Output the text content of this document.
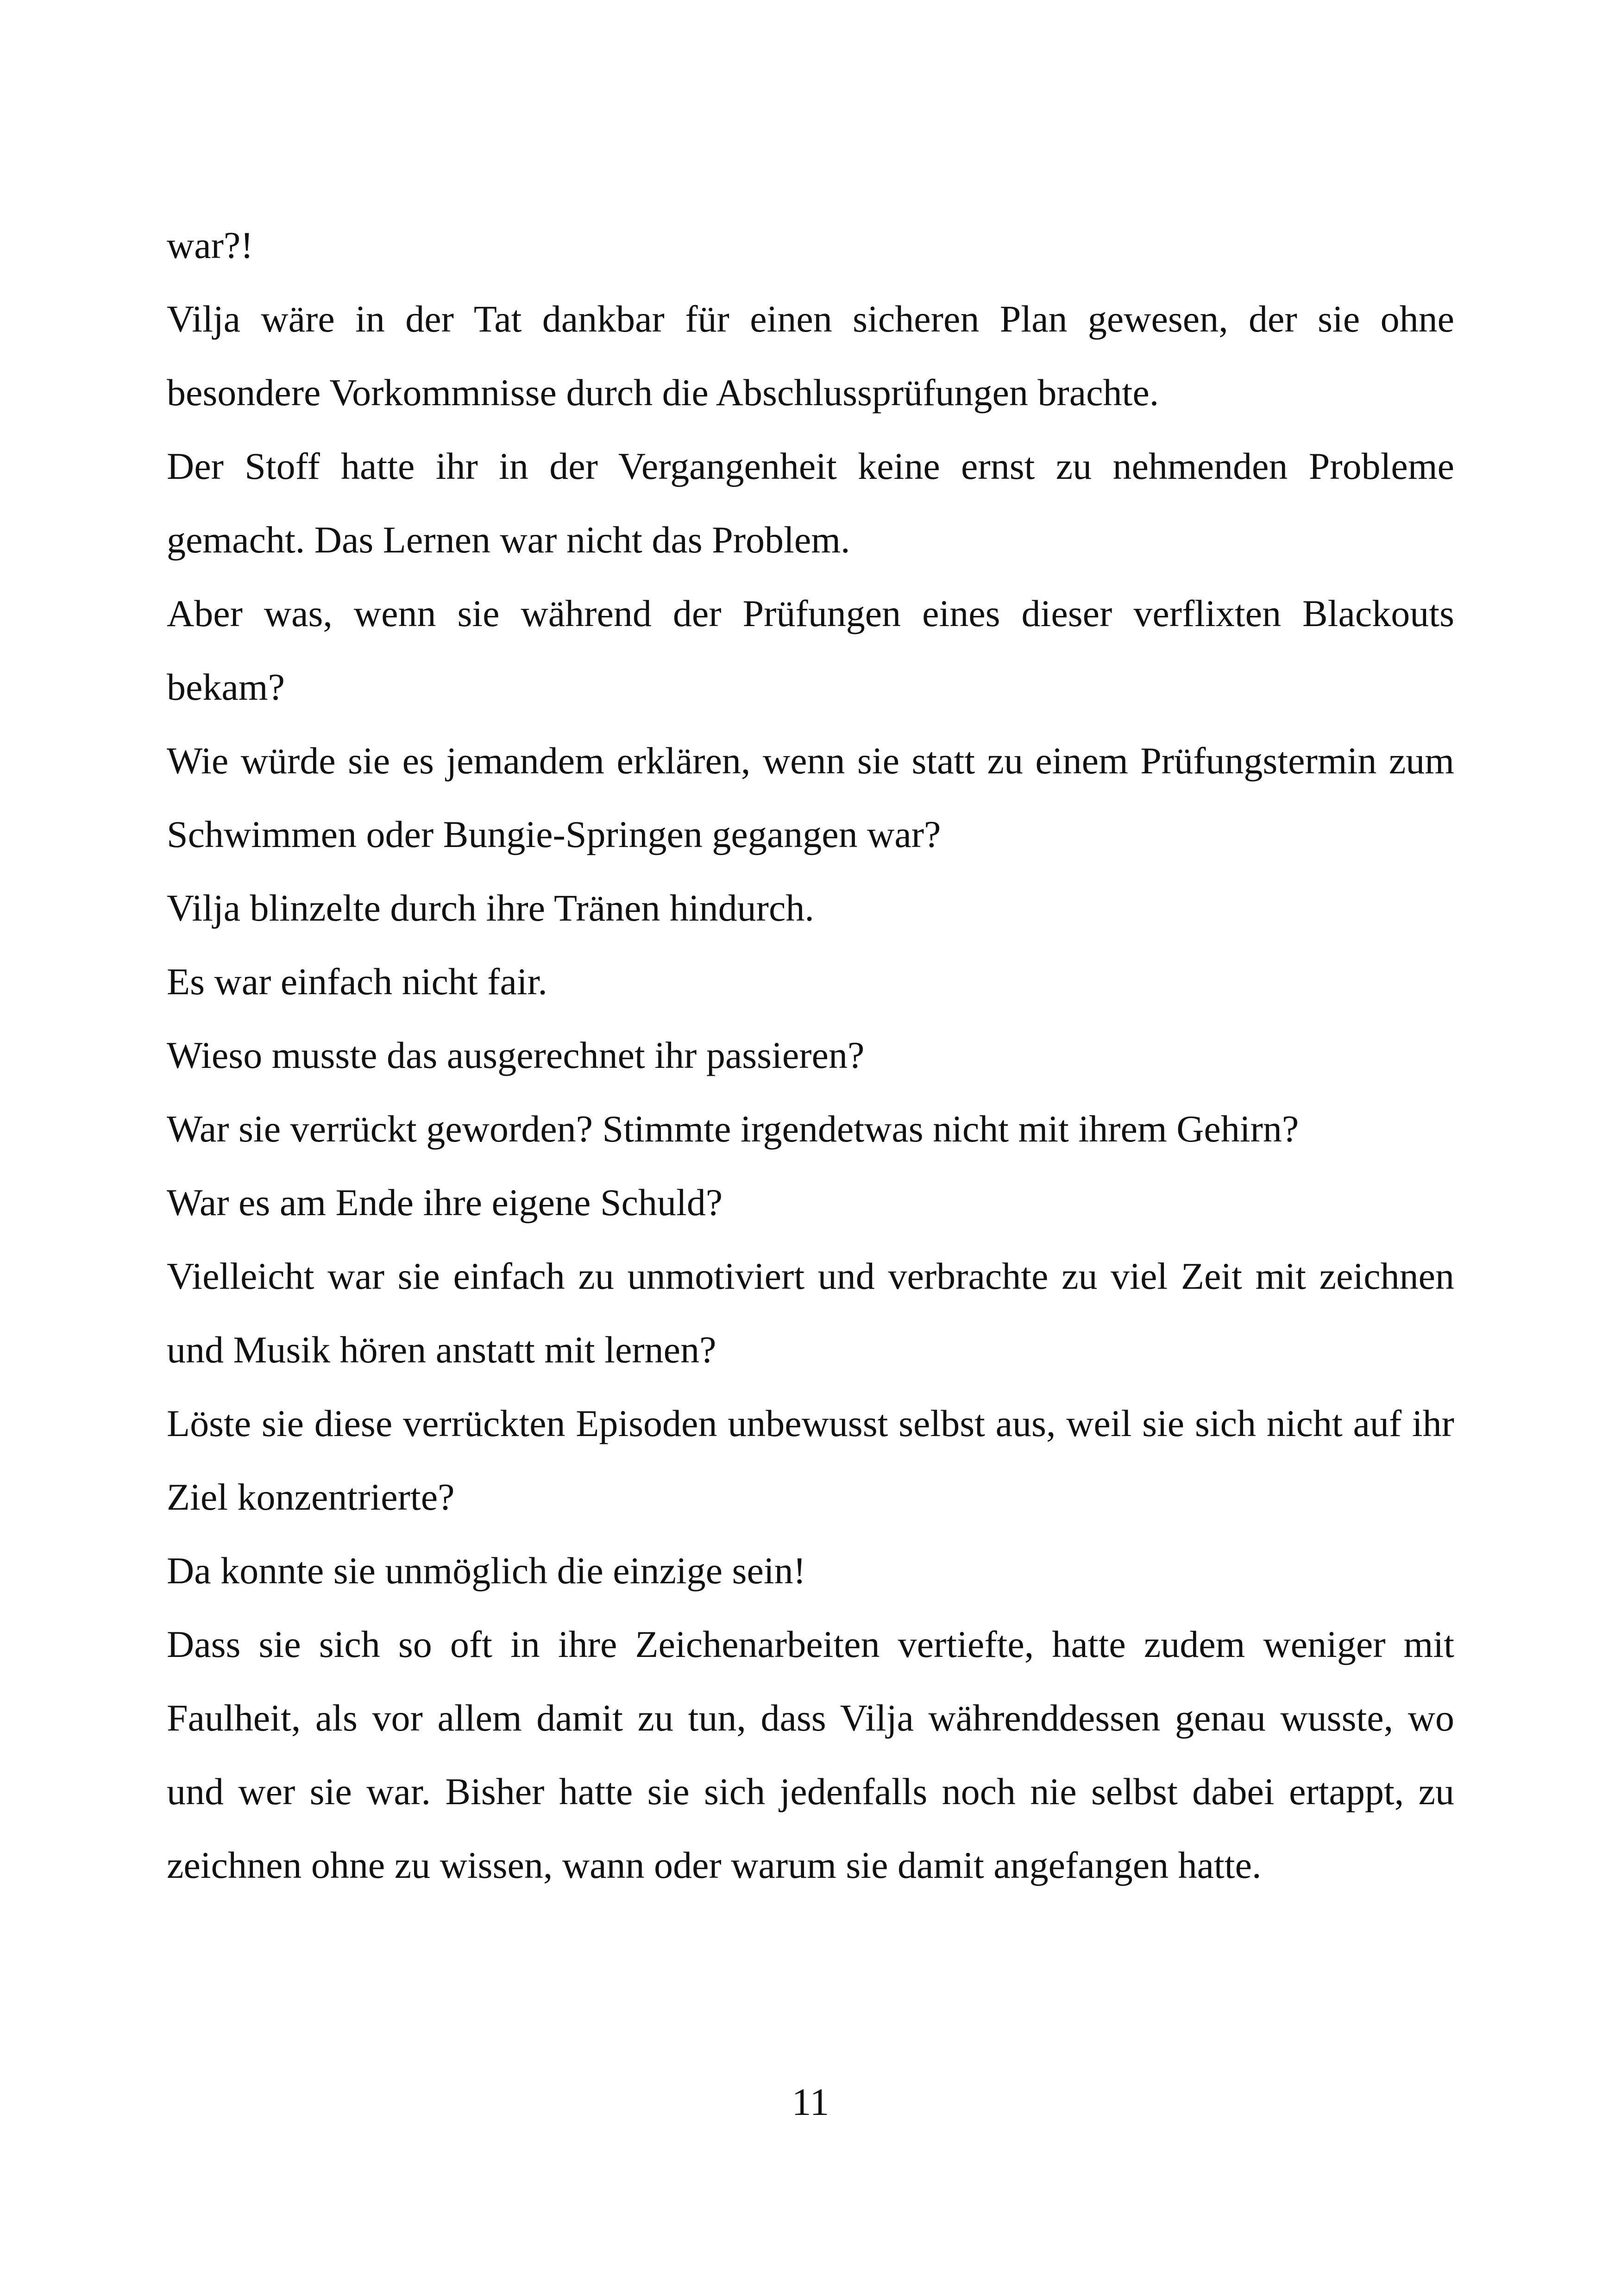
war?!

Vilja wäre in der Tat dankbar für einen sicheren Plan gewesen, der sie ohne besondere Vorkommnisse durch die Abschlussprüfungen brachte.

Der Stoff hatte ihr in der Vergangenheit keine ernst zu nehmenden Probleme gemacht. Das Lernen war nicht das Problem.

Aber was, wenn sie während der Prüfungen eines dieser verflixten Blackouts bekam?

Wie würde sie es jemandem erklären, wenn sie statt zu einem Prüfungstermin zum Schwimmen oder Bungie-Springen gegangen war?

Vilja blinzelte durch ihre Tränen hindurch.

Es war einfach nicht fair.

Wieso musste das ausgerechnet ihr passieren?

War sie verrückt geworden? Stimmte irgendetwas nicht mit ihrem Gehirn?

War es am Ende ihre eigene Schuld?

Vielleicht war sie einfach zu unmotiviert und verbrachte zu viel Zeit mit zeichnen und Musik hören anstatt mit lernen?

Löste sie diese verrückten Episoden unbewusst selbst aus, weil sie sich nicht auf ihr Ziel konzentrierte?

Da konnte sie unmöglich die einzige sein!

Dass sie sich so oft in ihre Zeichenarbeiten vertiefte, hatte zudem weniger mit Faulheit, als vor allem damit zu tun, dass Vilja währenddessen genau wusste, wo und wer sie war. Bisher hatte sie sich jedenfalls noch nie selbst dabei ertappt, zu zeichnen ohne zu wissen, wann oder warum sie damit angefangen hatte.

11
